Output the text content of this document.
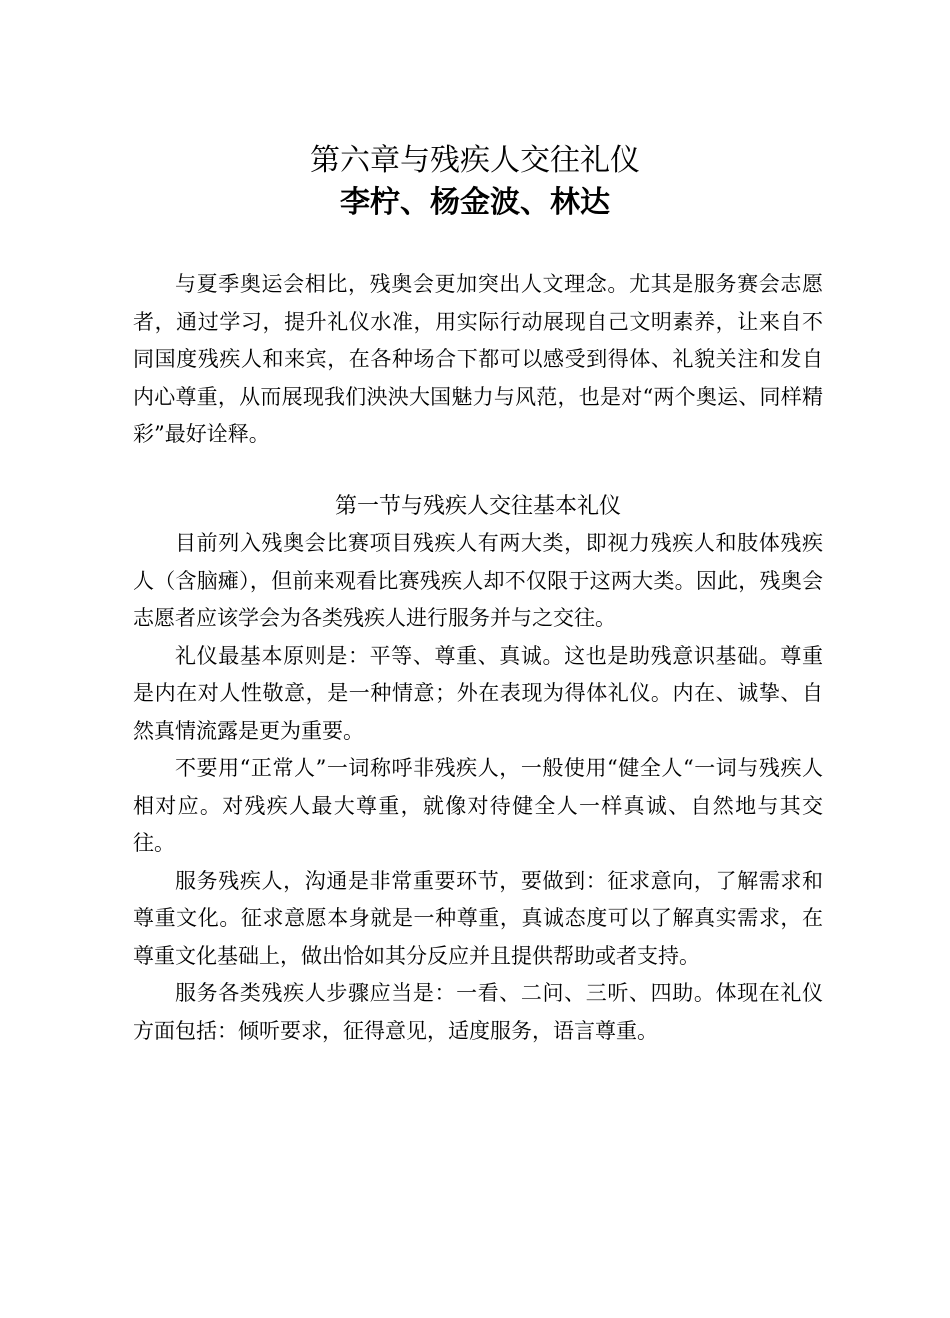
第六章与残疾人交往礼仪
李柠、杨金波、林达

与夏季奥运会相比，残奥会更加突出人文理念。尤其是服务赛会志愿者，通过学习，提升礼仪水准，用实际行动展现自己文明素养，让来自不同国度残疾人和来宾，在各种场合下都可以感受到得体、礼貌关注和发自内心尊重，从而展现我们泱泱大国魅力与风范，也是对“两个奥运、同样精彩”最好诠释。

第一节与残疾人交往基本礼仪

目前列入残奥会比赛项目残疾人有两大类，即视力残疾人和肢体残疾人（含脑瘫），但前来观看比赛残疾人却不仅限于这两大类。因此，残奥会志愿者应该学会为各类残疾人进行服务并与之交往。

礼仪最基本原则是：平等、尊重、真诚。这也是助残意识基础。尊重是内在对人性敬意，是一种情意；外在表现为得体礼仪。内在、诚挚、自然真情流露是更为重要。

不要用“正常人”一词称呼非残疾人，一般使用“健全人“一词与残疾人相对应。对残疾人最大尊重，就像对待健全人一样真诚、自然地与其交往。

服务残疾人，沟通是非常重要环节，要做到：征求意向，了解需求和尊重文化。征求意愿本身就是一种尊重，真诚态度可以了解真实需求，在尊重文化基础上，做出恰如其分反应并且提供帮助或者支持。

服务各类残疾人步骤应当是：一看、二问、三听、四助。体现在礼仪方面包括：倾听要求，征得意见，适度服务，语言尊重。
